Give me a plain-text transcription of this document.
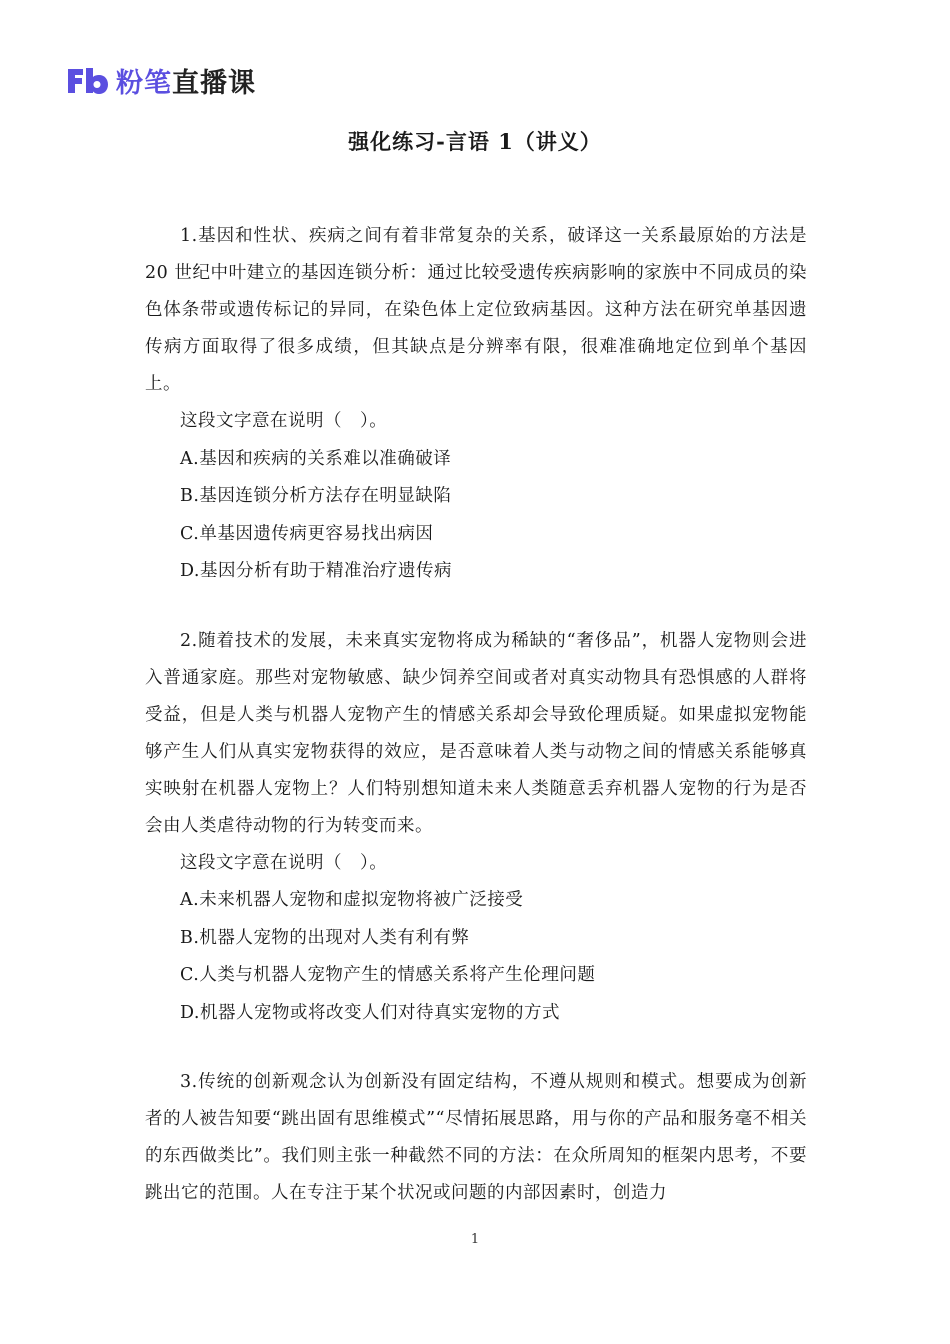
粉笔直播课
强化练习-言语 1（讲义）

1.基因和性状、疾病之间有着非常复杂的关系，破译这一关系最原始的方法是 20 世纪中叶建立的基因连锁分析：通过比较受遗传疾病影响的家族中不同成员的染色体条带或遗传标记的异同，在染色体上定位致病基因。这种方法在研究单基因遗传病方面取得了很多成绩，但其缺点是分辨率有限，很难准确地定位到单个基因上。

这段文字意在说明（　）。

A.基因和疾病的关系难以准确破译

B.基因连锁分析方法存在明显缺陷

C.单基因遗传病更容易找出病因

D.基因分析有助于精准治疗遗传病

2.随着技术的发展，未来真实宠物将成为稀缺的“奢侈品”，机器人宠物则会进入普通家庭。那些对宠物敏感、缺少饲养空间或者对真实动物具有恐惧感的人群将受益，但是人类与机器人宠物产生的情感关系却会导致伦理质疑。如果虚拟宠物能够产生人们从真实宠物获得的效应，是否意味着人类与动物之间的情感关系能够真实映射在机器人宠物上？人们特别想知道未来人类随意丢弃机器人宠物的行为是否会由人类虐待动物的行为转变而来。

这段文字意在说明（　）。

A.未来机器人宠物和虚拟宠物将被广泛接受

B.机器人宠物的出现对人类有利有弊

C.人类与机器人宠物产生的情感关系将产生伦理问题

D.机器人宠物或将改变人们对待真实宠物的方式

3.传统的创新观念认为创新没有固定结构，不遵从规则和模式。想要成为创新者的人被告知要“跳出固有思维模式”“尽情拓展思路，用与你的产品和服务毫不相关的东西做类比”。我们则主张一种截然不同的方法：在众所周知的框架内思考，不要跳出它的范围。人在专注于某个状况或问题的内部因素时，创造力

1
